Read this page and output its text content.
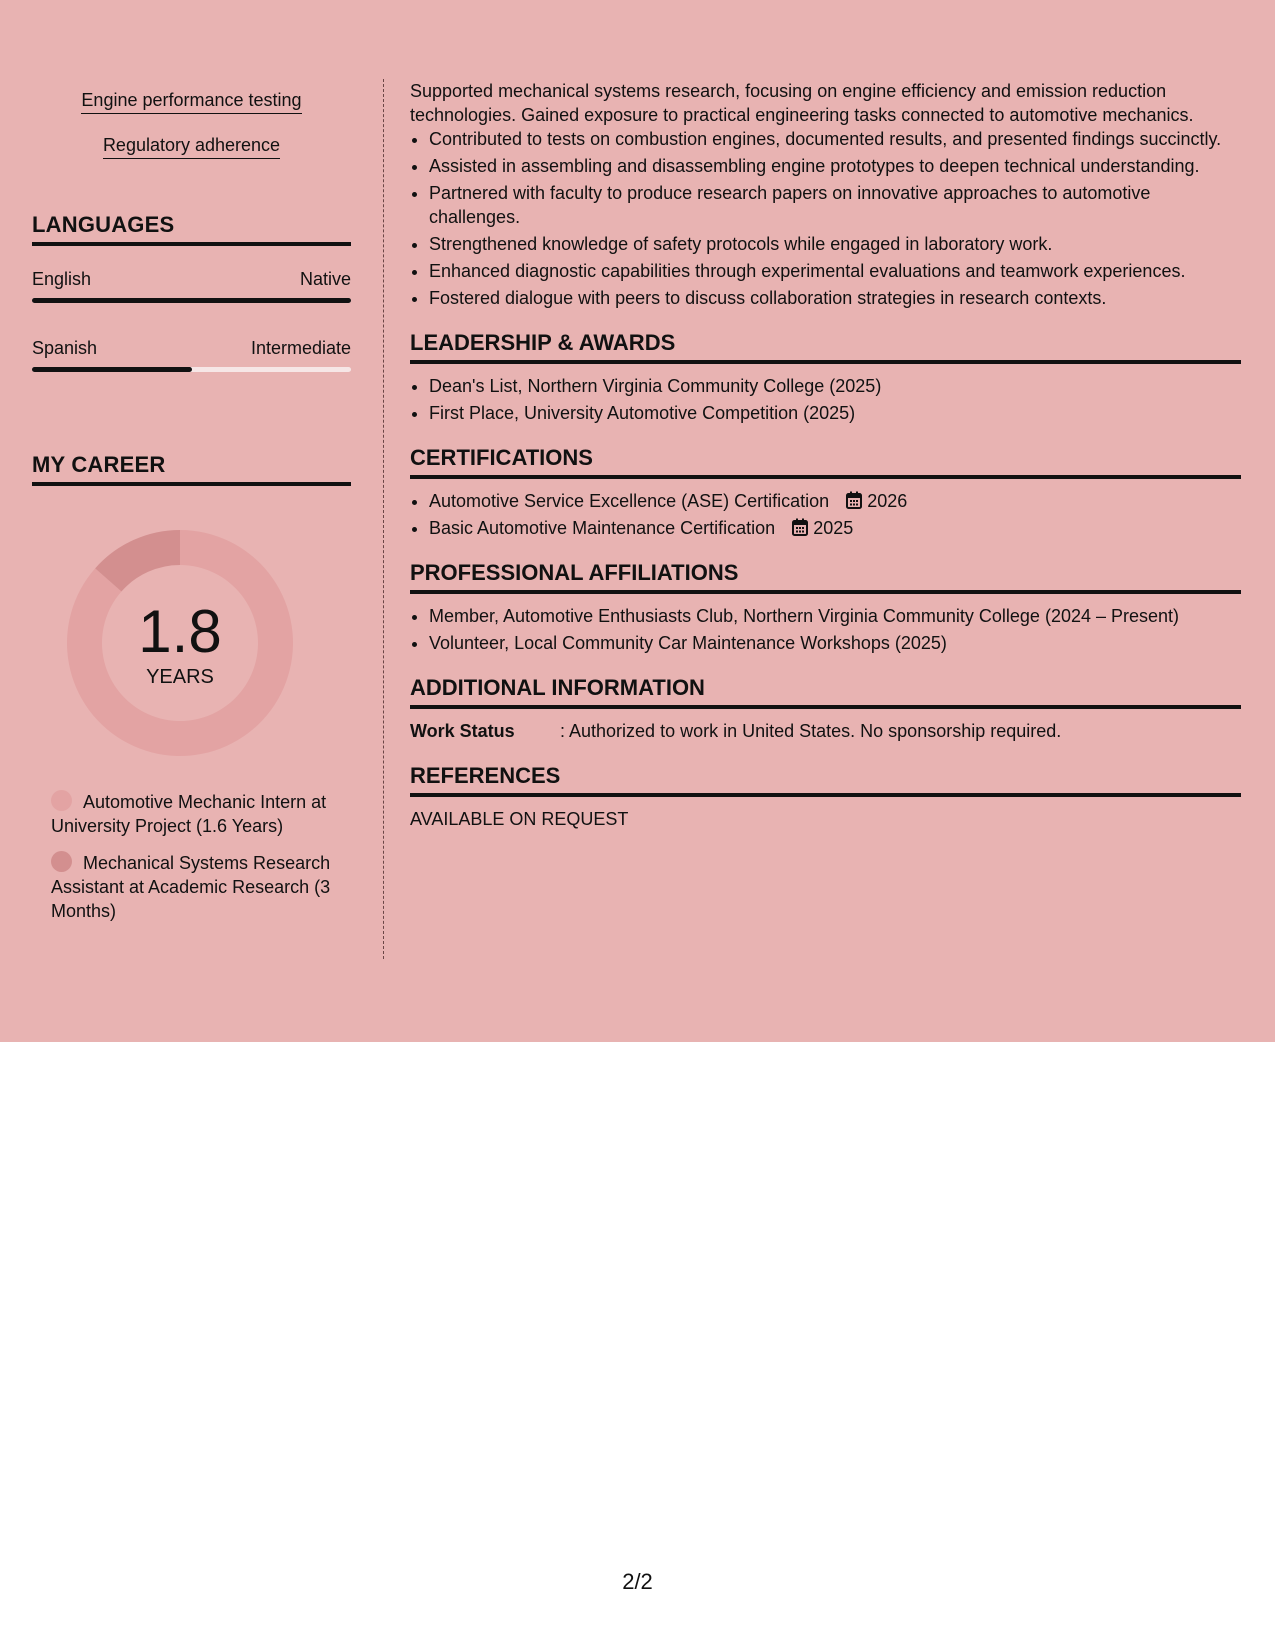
Engine performance testing
Regulatory adherence
LANGUAGES
English	Native
Spanish	Intermediate
MY CAREER
1.8
YEARS
Automotive Mechanic Intern at University Project (1.6 Years)
Mechanical Systems Research Assistant at Academic Research (3 Months)

Supported mechanical systems research, focusing on engine efficiency and emission reduction technologies. Gained exposure to practical engineering tasks connected to automotive mechanics.

• Contributed to tests on combustion engines, documented results, and presented findings succinctly.
• Assisted in assembling and disassembling engine prototypes to deepen technical understanding.
• Partnered with faculty to produce research papers on innovative approaches to automotive challenges.
• Strengthened knowledge of safety protocols while engaged in laboratory work.
• Enhanced diagnostic capabilities through experimental evaluations and teamwork experiences.
• Fostered dialogue with peers to discuss collaboration strategies in research contexts.
LEADERSHIP & AWARDS
• Dean's List, Northern Virginia Community College (2025)
• First Place, University Automotive Competition (2025)
CERTIFICATIONS
• Automotive Service Excellence (ASE) Certification 2026
• Basic Automotive Maintenance Certification 2025
PROFESSIONAL AFFILIATIONS
• Member, Automotive Enthusiasts Club, Northern Virginia Community College (2024 – Present)
• Volunteer, Local Community Car Maintenance Workshops (2025)
ADDITIONAL INFORMATION
Work Status	: Authorized to work in United States. No sponsorship required.
REFERENCES
AVAILABLE ON REQUEST
2/2
